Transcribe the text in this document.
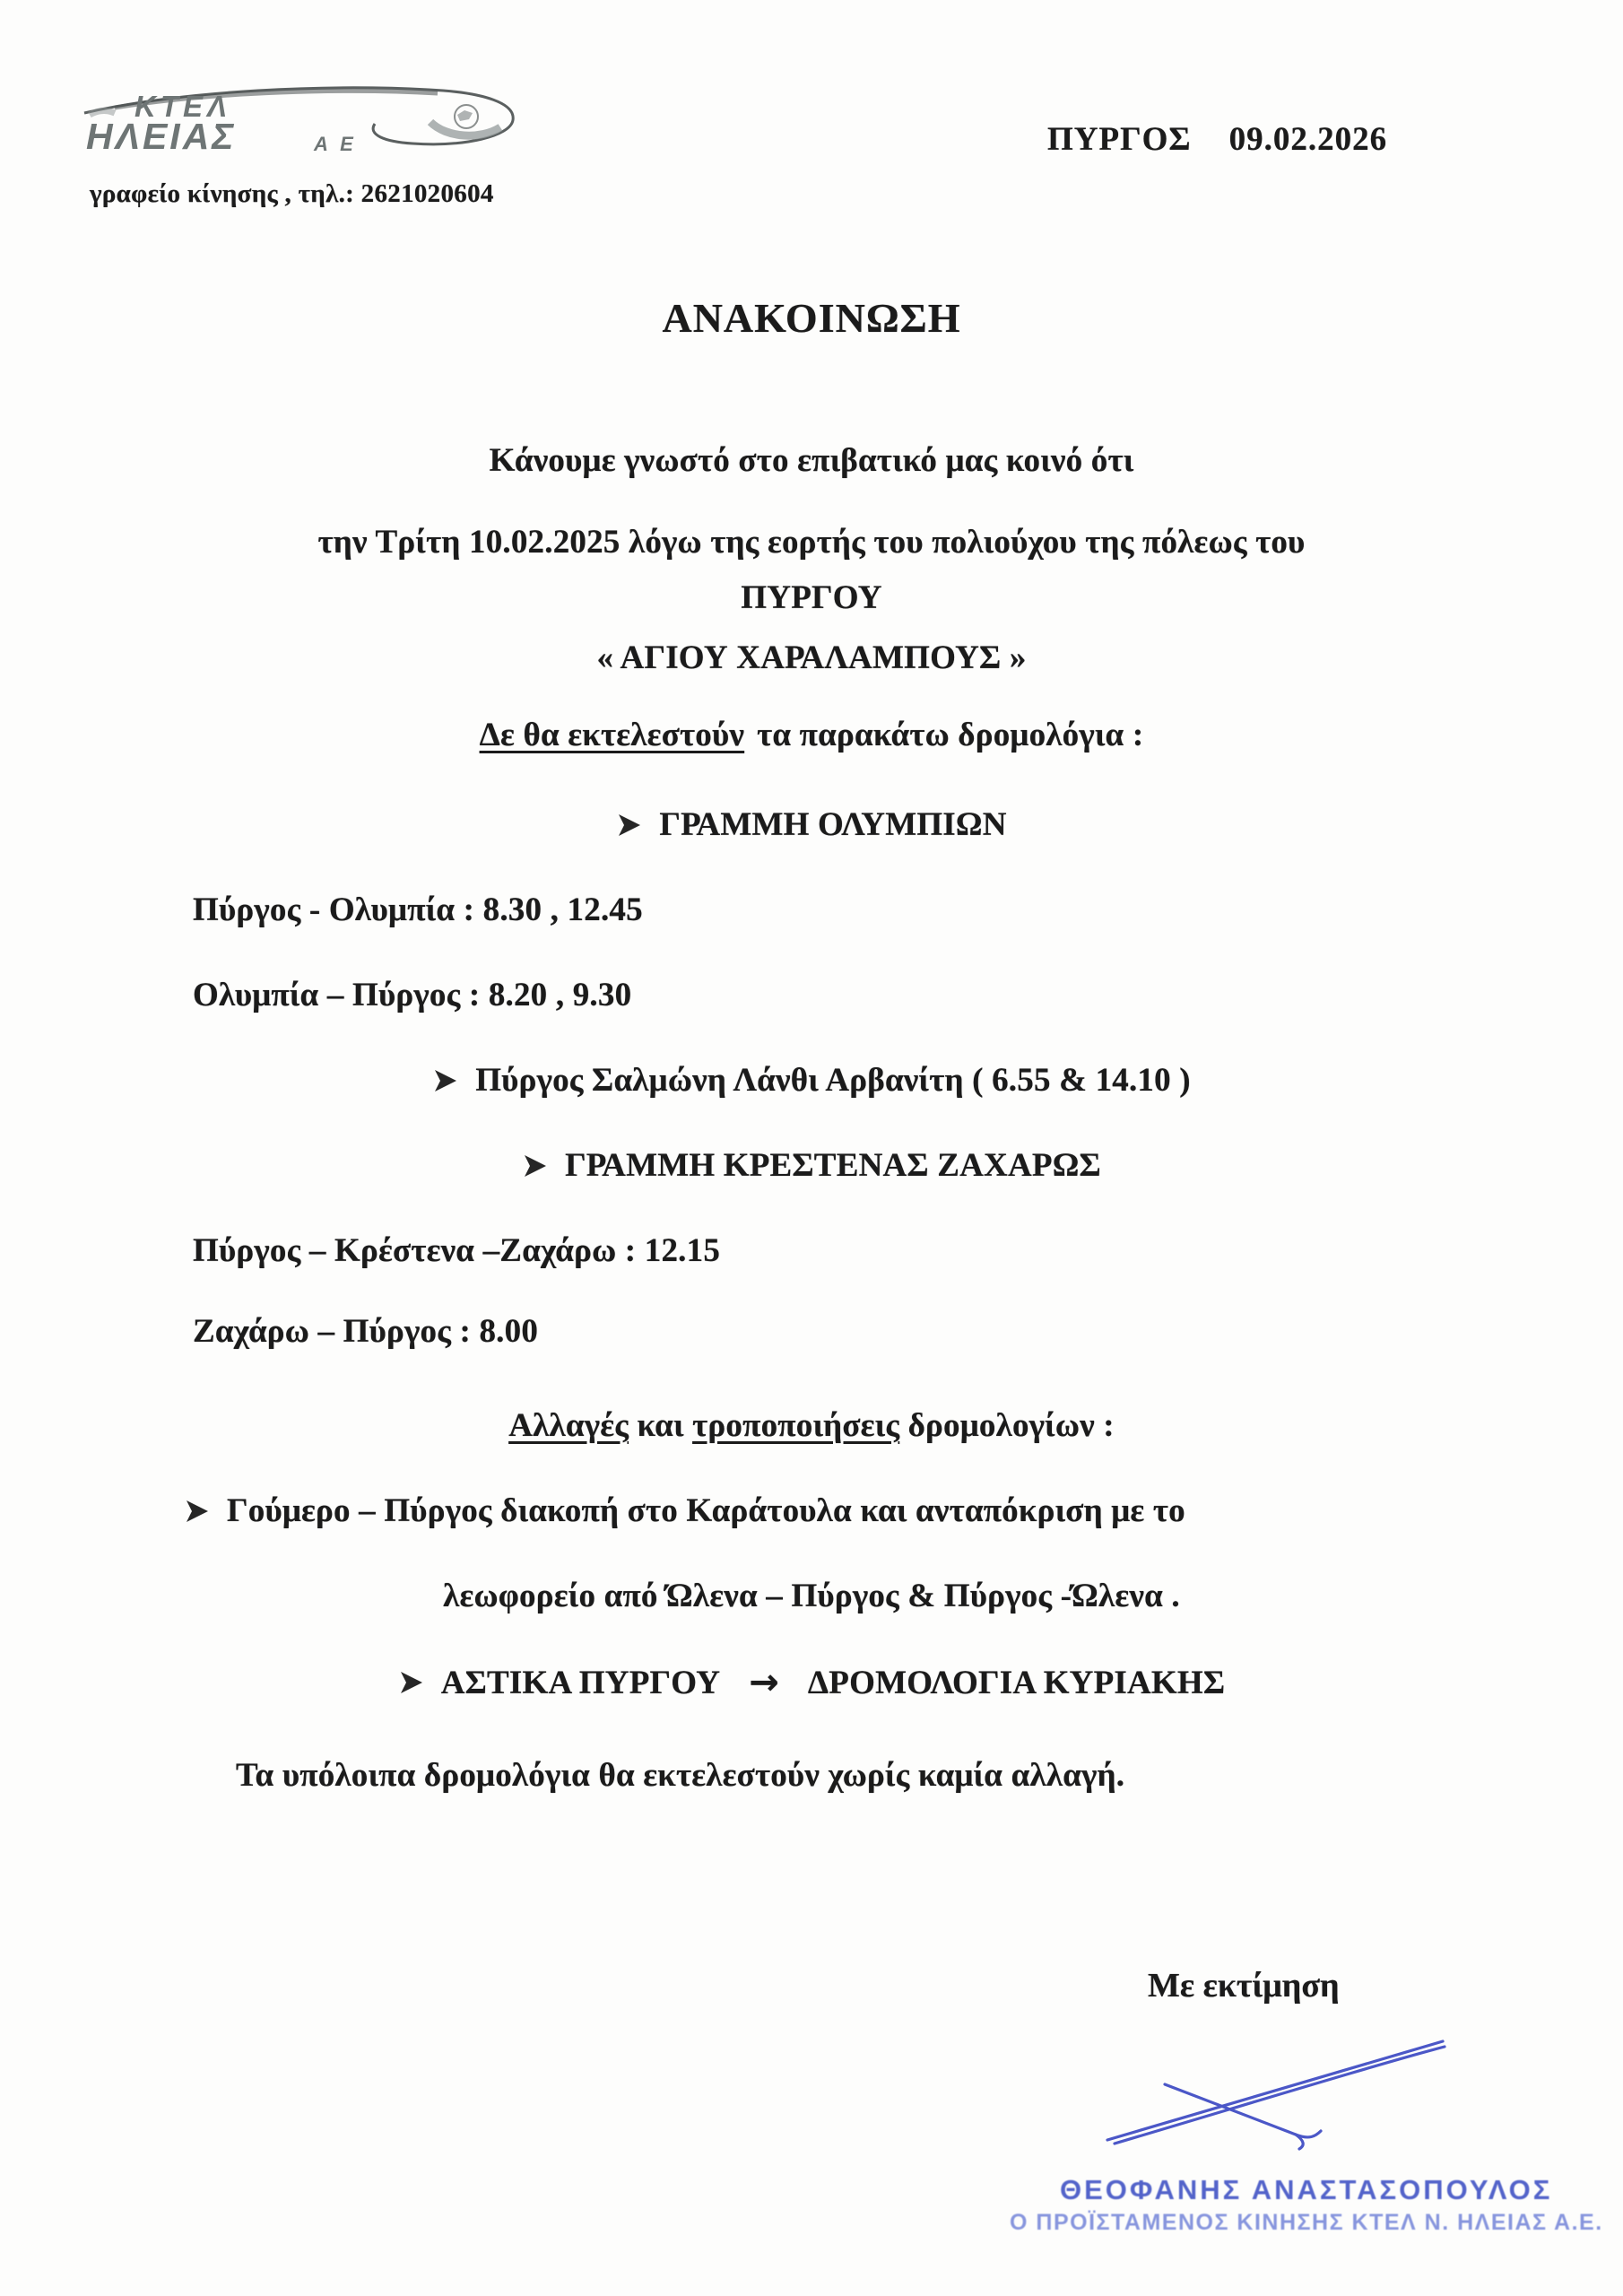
ΚΤΕΛ
ΗΛΕΙΑΣ	Α Ε	ΠΥΡΓΟΣ 09.02.2026
γραφείο κίνησης , τηλ.: 2621020604
ΑΝΑΚΟΙΝΩΣΗ
Κάνουμε γνωστό στο επιβατικό μας κοινό ότι
την Τρίτη 10.02.2025 λόγω της εορτής του πολιούχου της πόλεως του
ΠΥΡΓΟΥ
« ΑΓΙΟΥ ΧΑΡΑΛΑΜΠΟΥΣ »
Δε θα εκτελεστούν τα παρακάτω δρομολόγια :
ΓΡΑΜΜΗ ΟΛΥΜΠΙΩΝ
Πύργος - Ολυμπία : 8.30 , 12.45
Ολυμπία – Πύργος : 8.20 , 9.30
Πύργος Σαλμώνη Λάνθι Αρβανίτη ( 6.55 & 14.10 )
ΓΡΑΜΜΗ ΚΡΕΣΤΕΝΑΣ ΖΑΧΑΡΩΣ
Πύργος – Κρέστενα –Ζαχάρω : 12.15
Ζαχάρω – Πύργος : 8.00
Αλλαγές και τροποποιήσεις δρομολογίων :
Γούμερο – Πύργος διακοπή στο Καράτουλα και ανταπόκριση με το
λεωφορείο από Ώλενα – Πύργος & Πύργος -Ώλενα .
ΑΣΤΙΚΑ ΠΥΡΓΟΥ → ΔΡΟΜΟΛΟΓΙΑ ΚΥΡΙΑΚΗΣ
Τα υπόλοιπα δρομολόγια θα εκτελεστούν χωρίς καμία αλλαγή.
Με εκτίμηση
ΘΕΟΦΑΝΗΣ ΑΝΑΣΤΑΣΟΠΟΥΛΟΣ
Ο ΠΡΟΪΣΤΑΜΕΝΟΣ ΚΙΝΗΣΗΣ ΚΤΕΛ Ν. ΗΛΕΙΑΣ Α.Ε.
